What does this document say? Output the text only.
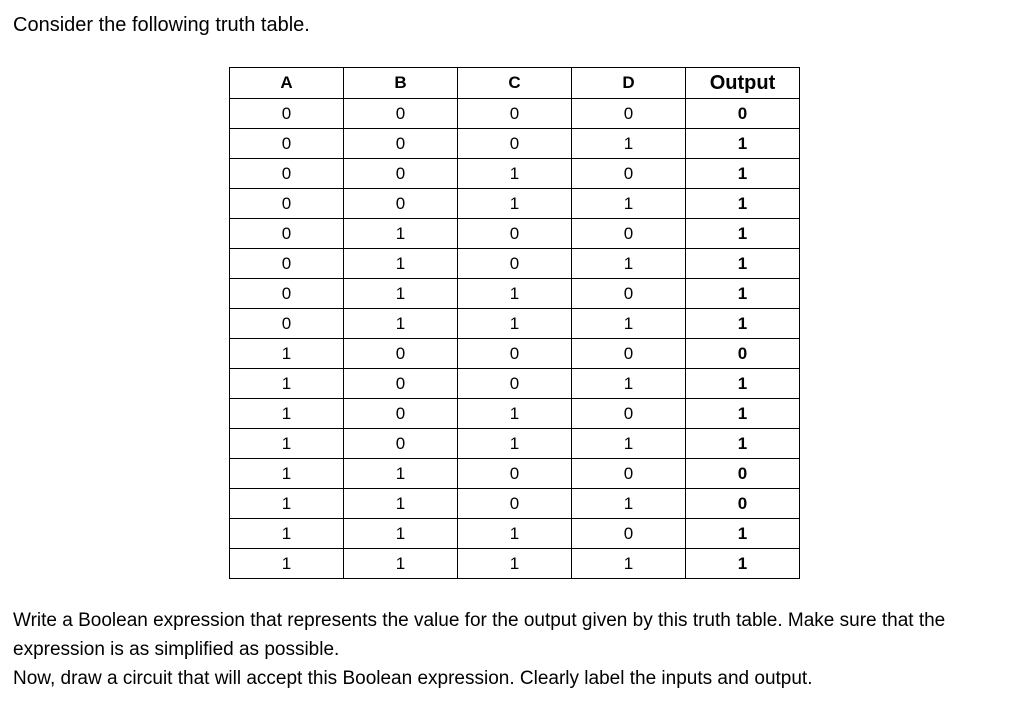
Consider the following truth table.

A	B	C	D	Output
0	0	0	0	0
0	0	0	1	1
0	0	1	0	1
0	0	1	1	1
0	1	0	0	1
0	1	0	1	1
0	1	1	0	1
0	1	1	1	1
1	0	0	0	0
1	0	0	1	1
1	0	1	0	1
1	0	1	1	1
1	1	0	0	0
1	1	0	1	0
1	1	1	0	1
1	1	1	1	1

Write a Boolean expression that represents the value for the output given by this truth table. Make sure that the expression is as simplified as possible.

Now, draw a circuit that will accept this Boolean expression. Clearly label the inputs and output.
